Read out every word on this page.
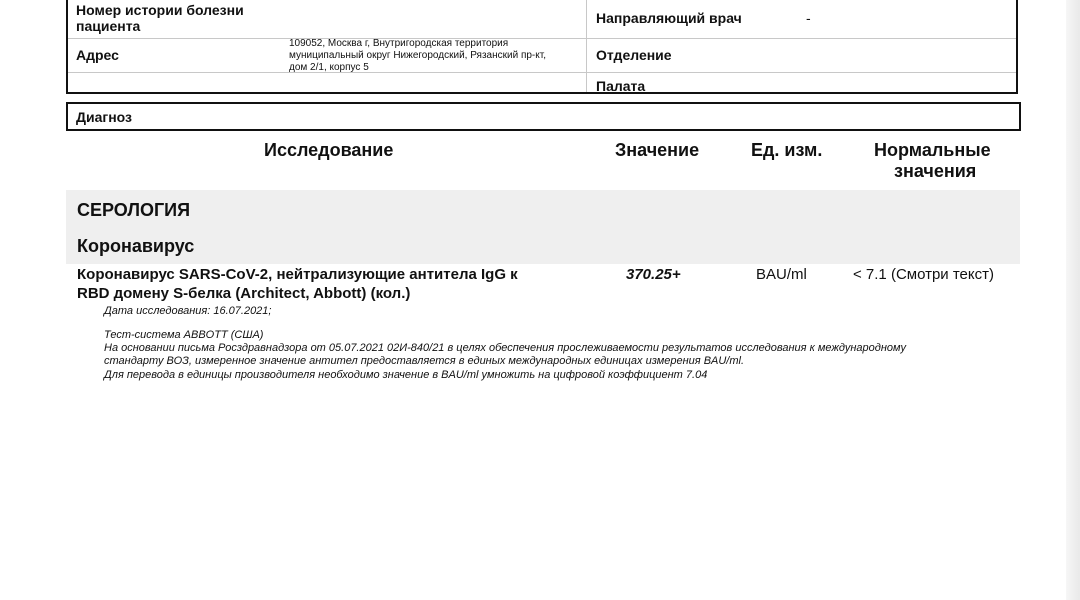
Номер истории болезни пациента
Адрес
109052, Москва г, Внутригородская территория
муниципальный округ Нижегородский, Рязанский пр-кт,
дом 2/1, корпус 5
Направляющий врач	-
Отделение
Палата
Диагноз
Исследование	Значение	Ед. изм.	Нормальные
значения
СЕРОЛОГИЯ
Коронавирус
Коронавирус SARS-CoV-2, нейтрализующие антитела IgG к
RBD домену S-белка (Architect, Abbott) (кол.)
370.25+	BAU/ml	< 7.1 (Смотри текст)
Дата исследования: 16.07.2021;
Тест-система ABBOTT (США)
На основании письма Росздравнадзора от 05.07.2021 02И-840/21 в целях обеспечения прослеживаемости результатов исследования к международному
стандарту ВОЗ, измеренное значение антител предоставляется в единых международных единицах измерения BAU/ml.
Для перевода в единицы производителя необходимо значение в BAU/ml умножить на цифровой коэффициент 7.04
